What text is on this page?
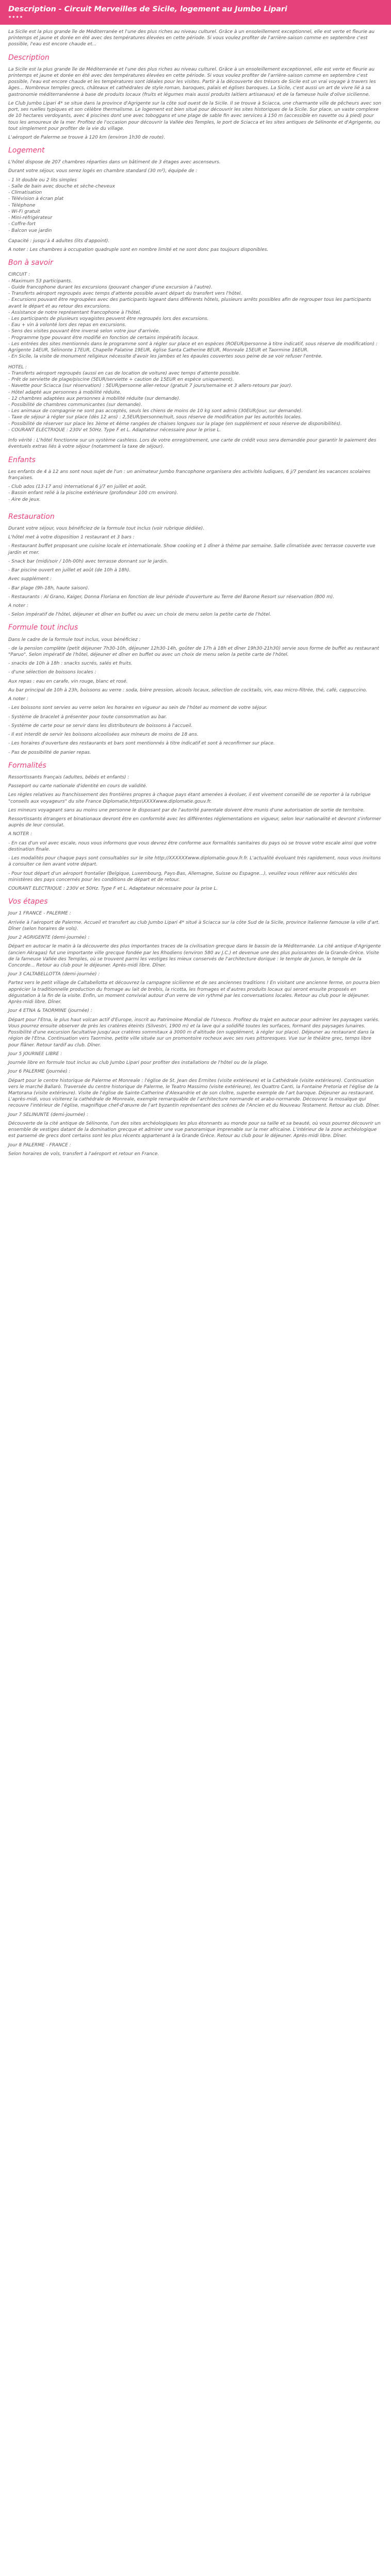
Description - Circuit Merveilles de Sicile, logement au Jumbo Lipari
★★★★

La Sicile est la plus grande île de Méditerranée et l'une des plus riches au niveau culturel. Grâce à un ensoleillement exceptionnel, elle est verte et fleurie au printemps et jaune et dorée en été avec des températures élevées en cette période. Si vous voulez profiter de l'arrière-saison comme en septembre c'est possible, l'eau est encore chaude et...

Description

La Sicile est la plus grande île de Méditerranée et l'une des plus riches au niveau culturel. Grâce à un ensoleillement exceptionnel, elle est verte et fleurie au printemps et jaune et dorée en été avec des températures élevées en cette période. Si vous voulez profiter de l'arrière-saison comme en septembre c'est possible, l'eau est encore chaude et les températures sont idéales pour les visites. Partir à la découverte des trésors de Sicile est un vrai voyage à travers les âges... Nombreux temples grecs, châteaux et cathédrales de style roman, baroques, palais et églises baroques. La Sicile, c'est aussi un art de vivre lié à sa gastronomie méditerranéenne à base de produits locaux (fruits et légumes mais aussi produits laitiers artisanaux) et de la fameuse huile d'olive sicilienne.

Le Club Jumbo Lipari 4* se situe dans la province d'Agrigente sur la côte sud ouest de la Sicile. Il se trouve à Sciacca, une charmante ville de pêcheurs avec son port, ses ruelles typiques et son célèbre thermalisme. Le logement est bien situé pour découvrir les sites historiques de la Sicile. Sur place, un vaste complexe de 10 hectares verdoyants, avec 4 piscines dont une avec toboggans et une plage de sable fin avec services à 150 m (accessible en navette ou à pied) pour tous les amoureux de la mer. Profitez de l'occasion pour découvrir la Vallée des Temples, le port de Sciacca et les sites antiques de Sélinonte et d'Agrigente, ou tout simplement pour profiter de la vie du village.

L'aéroport de Palerme se trouve à 120 km (environ 1h30 de route).

Logement

L'hôtel dispose de 207 chambres réparties dans un bâtiment de 3 étages avec ascenseurs.

Durant votre séjour, vous serez logés en chambre standard (30 m²), équipée de :

- 1 lit double ou 2 lits simples

- Salle de bain avec douche et sèche-cheveux

- Climatisation

- Télévision à écran plat

- Téléphone

- Wi-Fi gratuit

- Mini-réfrigérateur

- Coffre-fort

- Balcon vue jardin

Capacité : jusqu'à 4 adultes (lits d'appoint).

A noter : Les chambres à occupation quadruple sont en nombre limité et ne sont donc pas toujours disponibles.

Bon à savoir

CIRCUIT :

- Maximum 53 participants.

- Guide francophone durant les excursions (pouvant changer d'une excursion à l'autre).

- Transferts aéroport regroupés avec temps d'attente possible avant départ du transfert vers l'hôtel.

- Excursions pouvant être regroupées avec des participants logeant dans différents hôtels, plusieurs arrêts possibles afin de regrouper tous les participants avant le départ et au retour des excursions.

- Assistance de notre représentant francophone à l'hôtel.

- Les participants de plusieurs voyagistes peuvent être regroupés lors des excursions.

- Eau + vin à volonté lors des repas en excursions.

- Sens des visites pouvant être inversé selon votre jour d'arrivée.

- Programme type pouvant être modifié en fonction de certains impératifs locaux.

- Les entrées des sites mentionnés dans le programme sont à régler sur place et en espèces (ROEUR/personne à titre indicatif, sous réserve de modification) : Agrigente 14EUR, Sélinonte 17EUR, Chapelle Palatine 19EUR, église Santa Catherine 8EUR, Monreale 15EUR et Taormine 16EUR.

- En Sicile, la visite de monument religieux nécessite d'avoir les jambes et les épaules couvertes sous peine de se voir refuser l'entrée.

HOTEL :

- Transferts aéroport regroupés (aussi en cas de location de voiture) avec temps d'attente possible.

- Prêt de serviette de plage/piscine (5EUR/serviette + caution de 15EUR en espèce uniquement).

- Navette pour Sciacca (sur réservation) : 5EUR/personne aller-retour (gratuit 7 jours/semaine et 3 allers-retours par jour).

- Hôtel adapté aux personnes à mobilité réduite.

- 12 chambres adaptées aux personnes à mobilité réduite (sur demande).

- Possibilité de chambres communicantes (sur demande).

- Les animaux de compagnie ne sont pas acceptés, seuls les chiens de moins de 10 kg sont admis (30EUR/jour, sur demande).

- Taxe de séjour à régler sur place (dès 12 ans) : 2,5EUR/personne/nuit, sous réserve de modification par les autorités locales.

- Possibilité de réserver sur place les 3ème et 4ème rangées de chaises longues sur la plage (en supplément et sous réserve de disponibilités).

- COURANT ELECTRIQUE : 230V et 50Hz. Type F et L. Adaptateur nécessaire pour le prise L.

Info vérité : L'hôtel fonctionne sur un système cashless. Lors de votre enregistrement, une carte de crédit vous sera demandée pour garantir le paiement des éventuels extras liés à votre séjour (notamment la taxe de séjour).

Enfants

Les enfants de 4 à 12 ans sont nous sujet de l'un : un animateur Jumbo francophone organisera des activités ludiques, 6 j/7 pendant les vacances scolaires françaises.

- Club ados (13-17 ans) international 6 j/7 en juillet et août.

- Bassin enfant relié à la piscine extérieure (profondeur 100 cm environ).

- Aire de jeux.

Restauration

Durant votre séjour, vous bénéficiez de la formule tout inclus (voir rubrique dédiée).

L'hôtel met à votre disposition 1 restaurant et 3 bars :

- Restaurant buffet proposant une cuisine locale et internationale. Show cooking et 1 dîner à thème par semaine. Salle climatisée avec terrasse couverte vue jardin et mer.

- Snack bar (midi/soir / 10h-00h) avec terrasse donnant sur le jardin.

- Bar piscine ouvert en juillet et août (de 10h à 18h).

Avec supplément :

- Bar plage (9h-18h, haute saison).

- Restaurants : Al Grano, Kaiger, Donna Floriana en fonction de leur période d'ouverture au Terre del Barone Resort sur réservation (800 m).

A noter :

- Selon impératif de l'hôtel, déjeuner et dîner en buffet ou avec un choix de menu selon la petite carte de l'hôtel.

Formule tout inclus

Dans le cadre de la formule tout inclus, vous bénéficiez :

- de la pension complète (petit déjeuner 7h30-10h, déjeuner 12h30-14h, goûter de 17h à 18h et dîner 19h30-21h30) servie sous forme de buffet au restaurant "Paruo". Selon impératif de l'hôtel, déjeuner et dîner en buffet ou avec un choix de menu selon la petite carte de l'hôtel.

- snacks de 10h à 18h : snacks sucrés, salés et fruits.

- d'une sélection de boissons locales :

Aux repas : eau en carafe, vin rouge, blanc et rosé.

Au bar principal de 10h à 23h, boissons au verre : soda, bière pression, alcools locaux, sélection de cocktails, vin, eau micro-filtrée, thé, café, cappuccino.

A noter :

- Les boissons sont servies au verre selon les horaires en vigueur au sein de l'hôtel au moment de votre séjour.

- Système de bracelet à présenter pour toute consommation au bar.

- Système de carte pour se servir dans les distributeurs de boissons à l'accueil.

- Il est interdit de servir les boissons alcoolisées aux mineurs de moins de 18 ans.

- Les horaires d'ouverture des restaurants et bars sont mentionnés à titre indicatif et sont à reconfirmer sur place.

- Pas de possibilité de panier repas.

Formalités

Ressortissants français (adultes, bébés et enfants) :

Passeport ou carte nationale d'identité en cours de validité.

Les règles relatives au franchissement des frontières propres à chaque pays étant amenées à évoluer, il est vivement conseillé de se reporter à la rubrique "conseils aux voyageurs" du site France Diplomatie,https\XXXXwww.diplomatie.gouv.fr.

Les mineurs voyageant sans au moins une personne le disposant par de l'autorité parentale doivent être munis d'une autorisation de sortie de territoire.

Ressortissants étrangers et binationaux devront être en conformité avec les différentes réglementations en vigueur, selon leur nationalité et devront s'informer auprès de leur consulat.

A NOTER :

- En cas d'un vol avec escale, nous vous informons que vous devrez être conforme aux formalités sanitaires du pays où se trouve votre escale ainsi que votre destination finale.

- Les modalités pour chaque pays sont consultables sur le site http://XXXXXXwww.diplomatie.gouv.fr.fr. L'actualité évoluant très rapidement, nous vous invitons à consulter ce lien avant votre départ.

- Pour tout départ d'un aéroport frontalier (Belgique, Luxembourg, Pays-Bas, Allemagne, Suisse ou Espagne...), veuillez vous référer aux réticulés des ministères des pays concernés pour les conditions de départ et de retour.

COURANT ELECTRIQUE : 230V et 50Hz. Type F et L. Adaptateur nécessaire pour la prise L.

Vos étapes

Jour 1 FRANCE - PALERME :

Arrivée à l'aéroport de Palerme. Accueil et transfert au club Jumbo Lipari 4* situé à Sciacca sur la côte Sud de la Sicile, province italienne famouse la ville d'art. Dîner (selon horaires de vols).

Jour 2 AGRIGENTE (demi-journée) :

Départ en autocar le matin à la découverte des plus importantes traces de la civilisation grecque dans le bassin de la Méditerranée. La cité antique d'Agrigente (ancien Akragas) fut une importante ville grecque fondée par les Rhodiens (environ 580 av J.C.) et devenue une des plus puissantes de la Grande-Grèce. Visite de la fameuse Vallée des Temples, où se trouvent parmi les vestiges les mieux conservés de l'architecture dorique : le temple de Junon, le temple de la Concorde... Retour au club pour le déjeuner. Après-midi libre. Dîner.

Jour 3 CALTABELLOTTA (demi-journée) :

Partez vers le petit village de Caltabellotta et découvrez la campagne sicilienne et de ses anciennes traditions ! En visitant une ancienne ferme, on pourra bien apprécier la traditionnelle production du fromage au lait de brebis, la ricotta, les fromages et d'autres produits locaux qui seront ensuite proposés en dégustation à la fin de la visite. Enfin, un moment convivial autour d'un verre de vin rythmé par les conversations locales. Retour au club pour le déjeuner. Après-midi libre. Dîner.

Jour 4 ETNA & TAORMINE (journée) :

Départ pour l'Etna, le plus haut volcan actif d'Europe, inscrit au Patrimoine Mondial de l'Unesco. Profitez du trajet en autocar pour admirer les paysages variés. Vous pourrez ensuite observer de près les cratères éteints (Silvestri, 1900 m) et la lave qui a solidifié toutes les surfaces, formant des paysages lunaires. Possibilité d'une excursion facultative jusqu'aux cratères sommitaux à 3000 m d'altitude (en supplément, à régler sur place). Déjeuner au restaurant dans la région de l'Etna. Continuation vers Taormine, petite ville située sur un promontoire rocheux avec ses rues pittoresques. Vue sur le théâtre grec, temps libre pour flâner. Retour tardif au club. Dîner.

Jour 5 JOURNEE LIBRE :

Journée libre en formule tout inclus au club Jumbo Lipari pour profiter des installations de l'hôtel ou de la plage.

Jour 6 PALERME (journée) :

Départ pour le centre historique de Palerme et Monreale : l'église de St. Jean des Ermites (visite extérieure) et la Cathédrale (visite extérieure). Continuation vers le marché Ballarò. Traversée du centre historique de Palerme, le Teatro Massimo (visite extérieure), les Quattro Canti, la Fontaine Pretoria et l'église de la Martorana (visite extérieure). Visite de l'église de Sainte-Catherine d'Alexandrie et de son cloître, superbe exemple de l'art baroque. Déjeuner au restaurant. L'après-midi, vous visiterez la cathédrale de Monreale, exemple remarquable de l'architecture normande et arabo-normande. Découvrez la mosaïque qui recouvre l'intérieur de l'église, magnifique chef-d'œuvre de l'art byzantin représentant des scènes de l'Ancien et du Nouveau Testament. Retour au club. Dîner.

Jour 7 SELINUNTE (demi-journée) :

Découverte de la cité antique de Sélinonte, l'un des sites archéologiques les plus étonnants au monde pour sa taille et sa beauté, où vous pourrez découvrir un ensemble de vestiges datant de la domination grecque et admirer une vue panoramique imprenable sur la mer africaine. L'intérieur de la zone archéologique est parsemé de grecs dont certains sont les plus récents appartenant à la Grande Grèce. Retour au club pour le déjeuner. Après-midi libre. Dîner.

Jour 8 PALERME - FRANCE :

Selon horaires de vols, transfert à l'aéroport et retour en France.
